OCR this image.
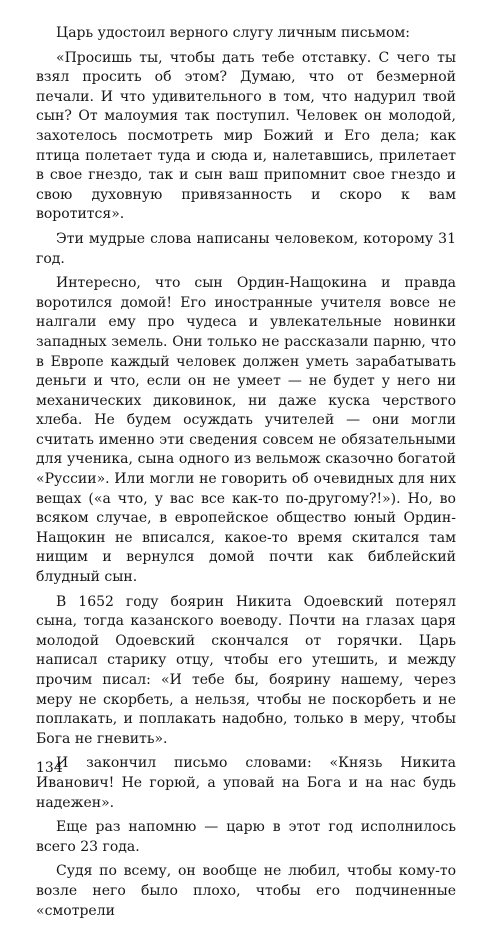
Царь удостоил верного слугу личным письмом:

«Просишь ты, чтобы дать тебе отставку. С чего ты взял просить об этом? Думаю, что от безмерной печали. И что удивительного в том, что надурил твой сын? От малоумия так поступил. Человек он молодой, захотелось посмотреть мир Божий и Его дела; как птица полетает туда и сюда и, налетавшись, прилетает в свое гнездо, так и сын ваш припомнит свое гнездо и свою духовную привязанность и скоро к вам воротится».

Эти мудрые слова написаны человеком, которому 31 год.

Интересно, что сын Ордин-Нащокина и правда воротился домой! Его иностранные учителя вовсе не налгали ему про чудеса и увлекательные новинки западных земель. Они только не рассказали парню, что в Европе каждый человек должен уметь зарабатывать деньги и что, если он не умеет — не будет у него ни механических диковинок, ни даже куска черствого хлеба. Не будем осуждать учителей — они могли считать именно эти сведения совсем не обязательными для ученика, сына одного из вельмож сказочно богатой «Руссии». Или могли не говорить об очевидных для них вещах («а что, у вас все как-то по-другому?!»). Но, во всяком случае, в европейское общество юный Ордин-Нащокин не вписался, какое-то время скитался там нищим и вернулся домой почти как библейский блудный сын.

В 1652 году боярин Никита Одоевский потерял сына, тогда казанского воеводу. Почти на глазах царя молодой Одоевский скончался от горячки. Царь написал старику отцу, чтобы его утешить, и между прочим писал: «И тебе бы, боярину нашему, через меру не скорбеть, а нельзя, чтобы не поскорбеть и не поплакать, и поплакать надобно, только в меру, чтобы Бога не гневить».

И закончил письмо словами: «Князь Никита Иванович! Не горюй, а уповай на Бога и на нас будь надежен».

Еще раз напомню — царю в этот год исполнилось всего 23 года.

Судя по всему, он вообще не любил, чтобы кому-то возле него было плохо, чтобы его подчиненные «смотрели

134
